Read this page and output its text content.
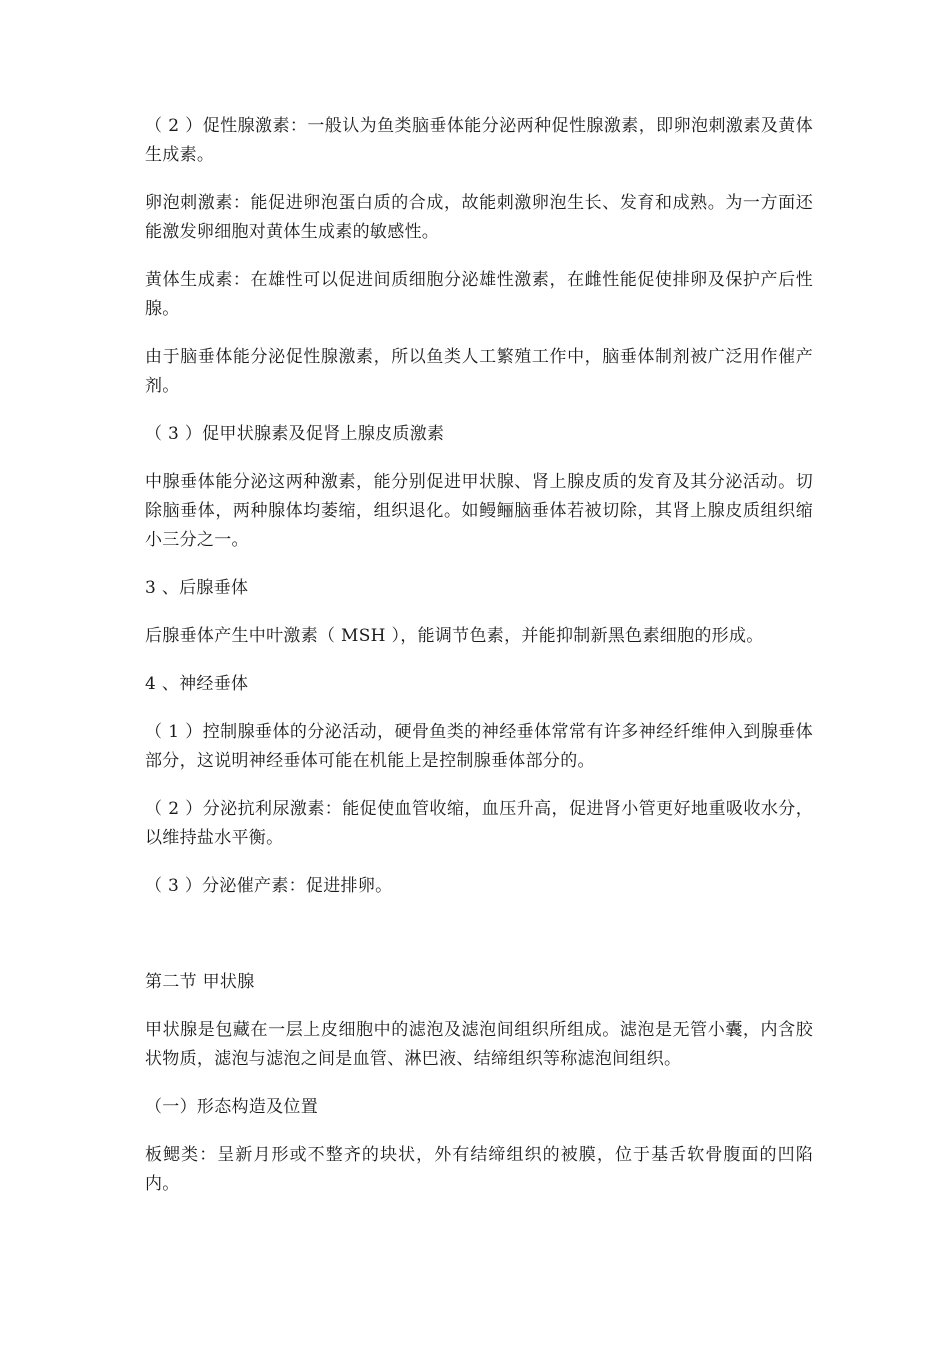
（ 2 ）促性腺激素：一般认为鱼类脑垂体能分泌两种促性腺激素，即卵泡刺激素及黄体生成素。

卵泡刺激素：能促进卵泡蛋白质的合成，故能刺激卵泡生长、发育和成熟。为一方面还能激发卵细胞对黄体生成素的敏感性。

黄体生成素：在雄性可以促进间质细胞分泌雄性激素，在雌性能促使排卵及保护产后性腺。

由于脑垂体能分泌促性腺激素，所以鱼类人工繁殖工作中，脑垂体制剂被广泛用作催产剂。

（ 3 ）促甲状腺素及促肾上腺皮质激素

中腺垂体能分泌这两种激素，能分别促进甲状腺、肾上腺皮质的发育及其分泌活动。切除脑垂体，两种腺体均萎缩，组织退化。如鳗鲡脑垂体若被切除，其肾上腺皮质组织缩小三分之一。

3 、后腺垂体

后腺垂体产生中叶激素（ MSH ），能调节色素，并能抑制新黑色素细胞的形成。

4 、神经垂体

（ 1 ）控制腺垂体的分泌活动，硬骨鱼类的神经垂体常常有许多神经纤维伸入到腺垂体部分，这说明神经垂体可能在机能上是控制腺垂体部分的。

（ 2 ）分泌抗利尿激素：能促使血管收缩，血压升高，促进肾小管更好地重吸收水分，以维持盐水平衡。

（ 3 ）分泌催产素：促进排卵。

第二节 甲状腺

甲状腺是包藏在一层上皮细胞中的滤泡及滤泡间组织所组成。滤泡是无管小囊，内含胶状物质，滤泡与滤泡之间是血管、淋巴液、结缔组织等称滤泡间组织。

（一）形态构造及位置

板鳃类：呈新月形或不整齐的块状，外有结缔组织的被膜，位于基舌软骨腹面的凹陷内。
